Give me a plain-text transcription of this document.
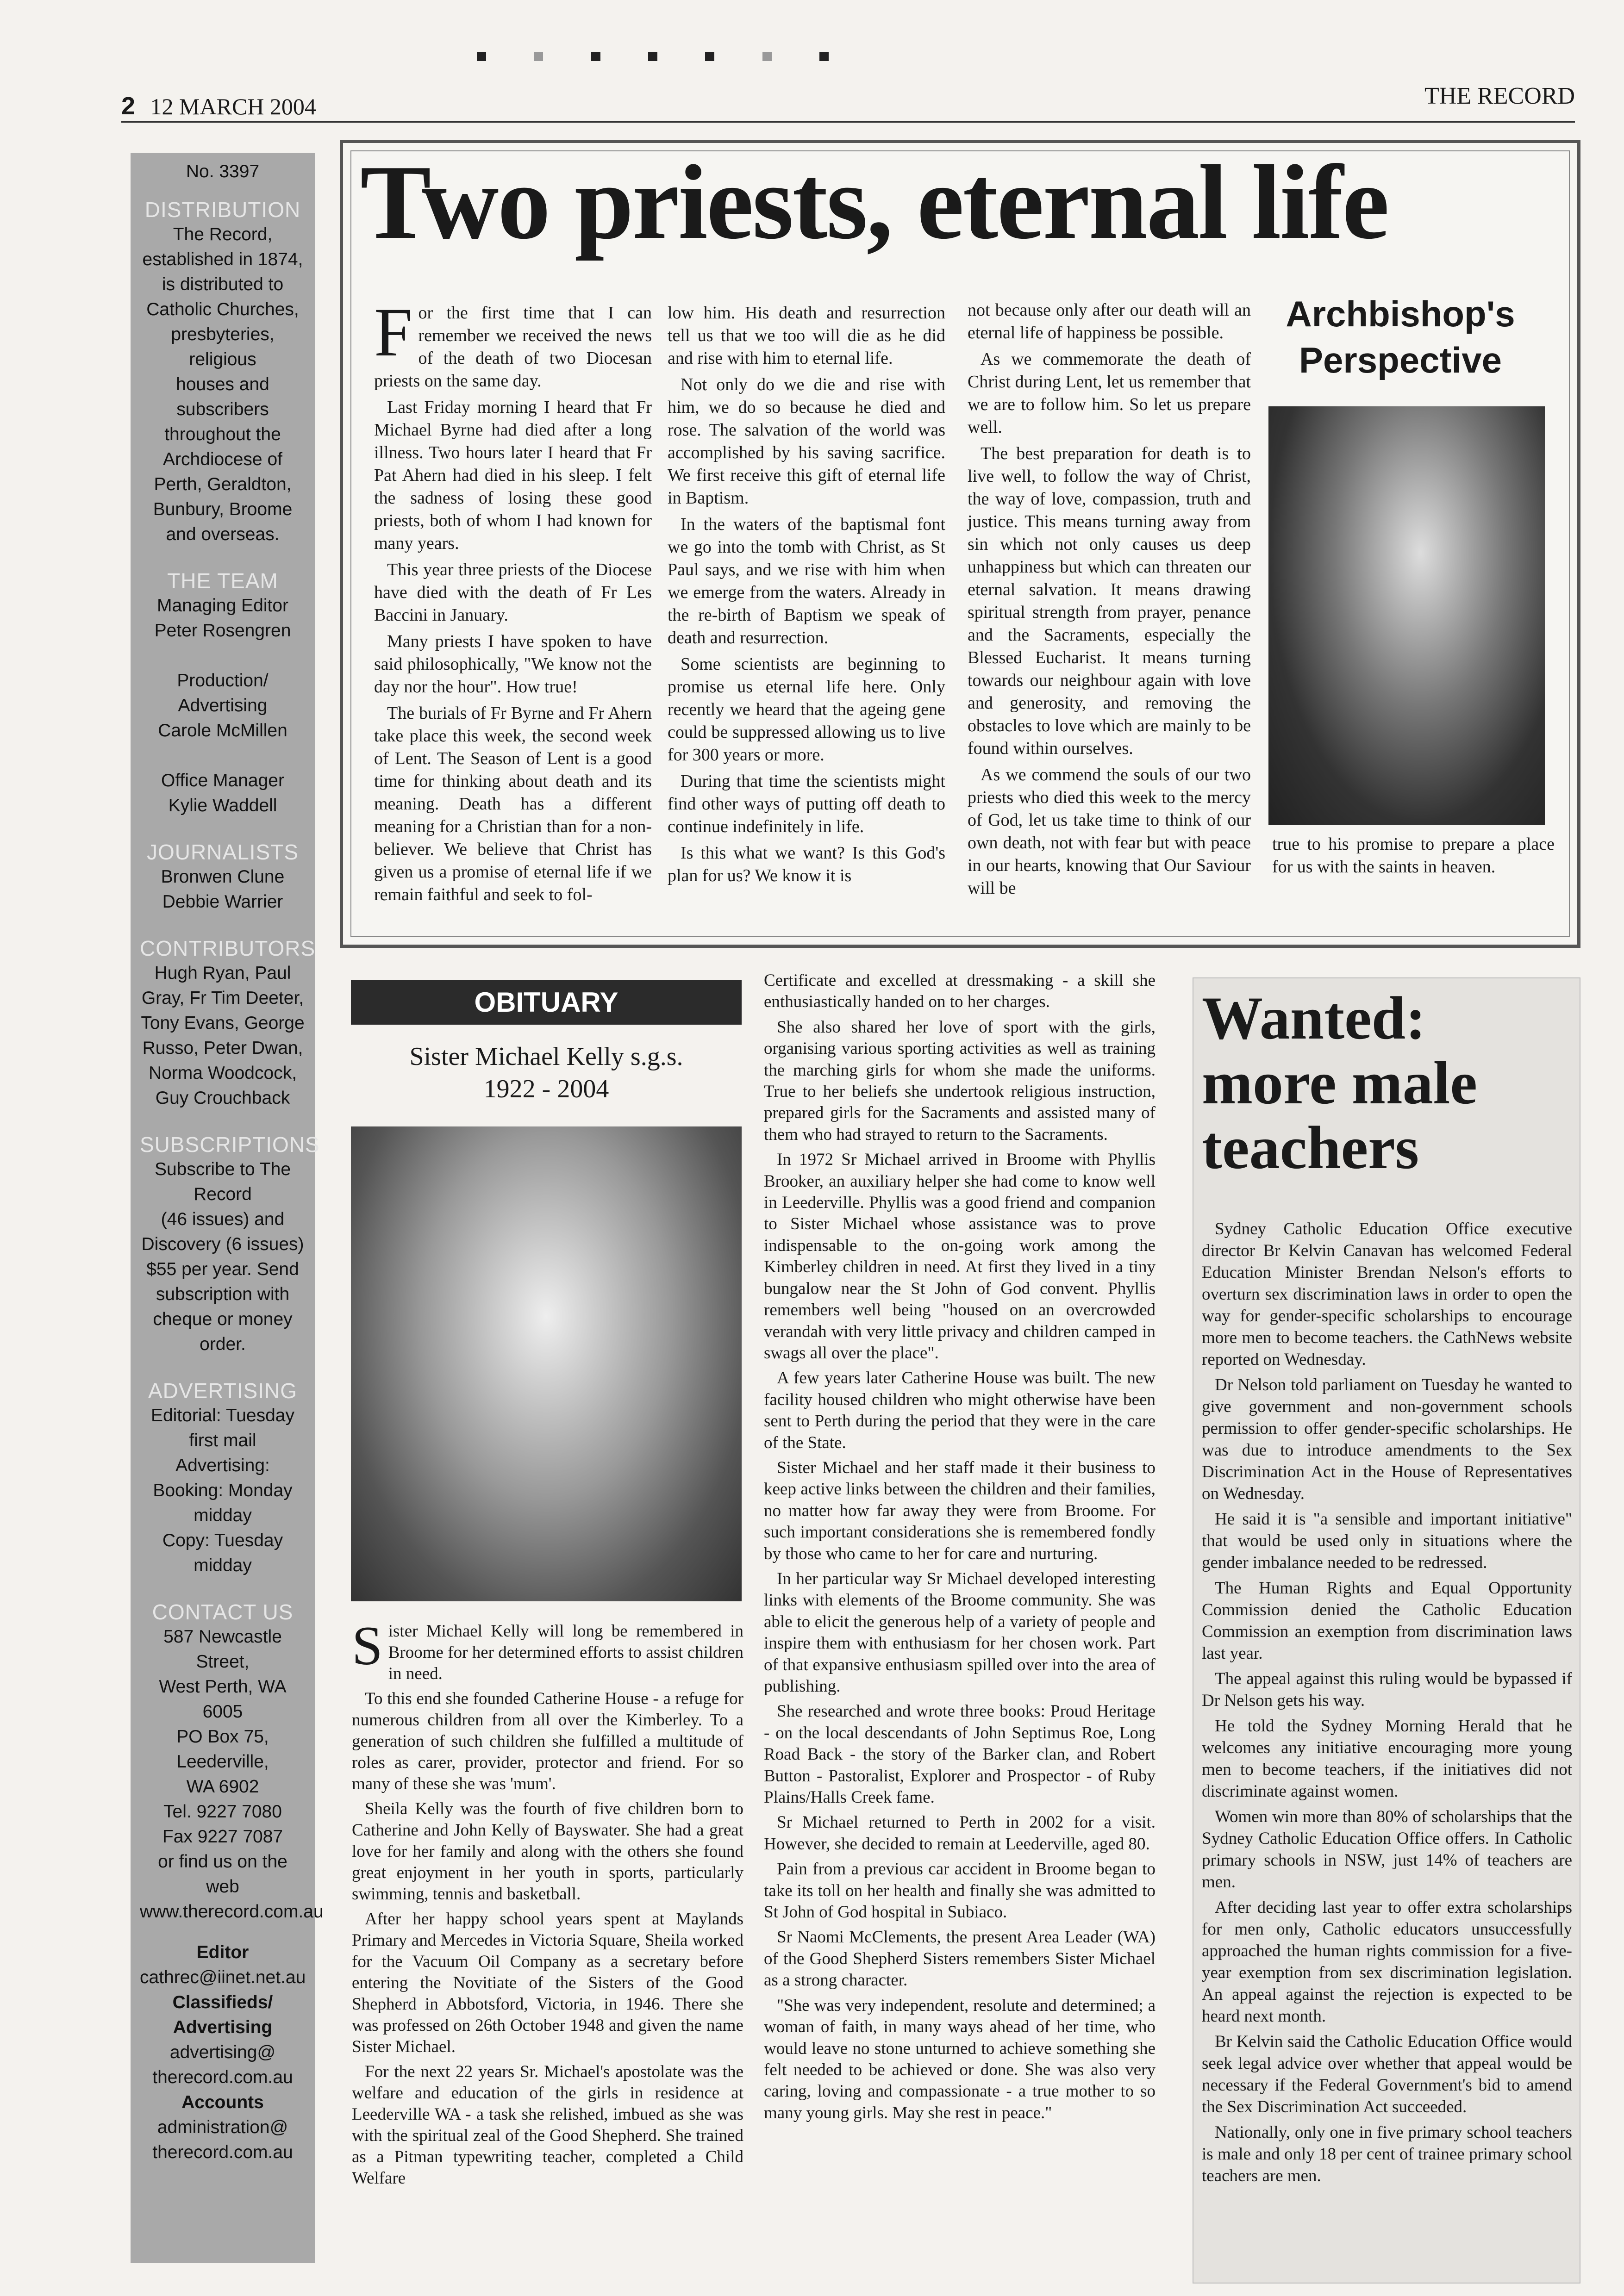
2 12 MARCH 2004	THE RECORD

No. 3397

DISTRIBUTION

The Record,

established in 1874,

is distributed to

Catholic Churches,

presbyteries,

religious

houses and

subscribers

throughout the

Archdiocese of

Perth, Geraldton,

Bunbury, Broome

and overseas.

THE TEAM

Managing Editor

Peter Rosengren

Production/

Advertising

Carole McMillen

Office Manager

Kylie Waddell

JOURNALISTS

Bronwen Clune

Debbie Warrier

CONTRIBUTORS

Hugh Ryan, Paul

Gray, Fr Tim Deeter,

Tony Evans, George

Russo, Peter Dwan,

Norma Woodcock,

Guy Crouchback

SUBSCRIPTIONS

Subscribe to The

Record

(46 issues) and

Discovery (6 issues)

$55 per year. Send

subscription with

cheque or money

order.

ADVERTISING

Editorial: Tuesday

first mail

Advertising:

Booking: Monday

midday

Copy: Tuesday

midday

CONTACT US

587 Newcastle Street,

West Perth, WA 6005

PO Box 75,

Leederville,

WA 6902

Tel. 9227 7080

Fax 9227 7087

or find us on the web

www.therecord.com.au

Editor

cathrec@iinet.net.au

Classifieds/ Advertising

advertising@

therecord.com.au

Accounts

administration@

therecord.com.au

Two priests, eternal life
F or the first time that I can remember we received the news of the death of two Diocesan priests on the same day.

Last Friday morning I heard that Fr Michael Byrne had died after a long illness. Two hours later I heard that Fr Pat Ahern had died in his sleep. I felt the sadness of losing these good priests, both of whom I had known for many years.

This year three priests of the Diocese have died with the death of Fr Les Baccini in January.

Many priests I have spoken to have said philosophically, "We know not the day nor the hour". How true!

The burials of Fr Byrne and Fr Ahern take place this week, the second week of Lent. The Season of Lent is a good time for thinking about death and its meaning. Death has a different meaning for a Christian than for a non-believer. We believe that Christ has given us a promise of eternal life if we remain faithful and seek to fol-

low him. His death and resurrection tell us that we too will die as he did and rise with him to eternal life.

Not only do we die and rise with him, we do so because he died and rose. The salvation of the world was accomplished by his saving sacrifice. We first receive this gift of eternal life in Baptism.

In the waters of the baptismal font we go into the tomb with Christ, as St Paul says, and we rise with him when we emerge from the waters. Already in the re-birth of Baptism we speak of death and resurrection.

Some scientists are beginning to promise us eternal life here. Only recently we heard that the ageing gene could be suppressed allowing us to live for 300 years or more.

During that time the scientists might find other ways of putting off death to continue indefinitely in life.

Is this what we want? Is this God's plan for us? We know it is

not because only after our death will an eternal life of happiness be possible.

As we commemorate the death of Christ during Lent, let us remember that we are to follow him. So let us prepare well.

The best preparation for death is to live well, to follow the way of Christ, the way of love, compassion, truth and justice. This means turning away from sin which not only causes us deep unhappiness but which can threaten our eternal salvation. It means drawing spiritual strength from prayer, penance and the Sacraments, especially the Blessed Eucharist. It means turning towards our neighbour again with love and generosity, and removing the obstacles to love which are mainly to be found within ourselves.

As we commend the souls of our two priests who died this week to the mercy of God, let us take time to think of our own death, not with fear but with peace in our hearts, knowing that Our Saviour will be

Archbishop's Perspective

true to his promise to prepare a place for us with the saints in heaven.

OBITUARY
Sister Michael Kelly s.g.s.
1922 - 2004
S ister Michael Kelly will long be remembered in Broome for her determined efforts to assist children in need.

To this end she founded Catherine House - a refuge for numerous children from all over the Kimberley. To a generation of such children she fulfilled a multitude of roles as carer, provider, protector and friend. For so many of these she was 'mum'.

Sheila Kelly was the fourth of five children born to Catherine and John Kelly of Bayswater. She had a great love for her family and along with the others she found great enjoyment in her youth in sports, particularly swimming, tennis and basketball.

After her happy school years spent at Maylands Primary and Mercedes in Victoria Square, Sheila worked for the Vacuum Oil Company as a secretary before entering the Novitiate of the Sisters of the Good Shepherd in Abbotsford, Victoria, in 1946. There she was professed on 26th October 1948 and given the name Sister Michael.

For the next 22 years Sr. Michael's apostolate was the welfare and education of the girls in residence at Leederville WA - a task she relished, imbued as she was with the spiritual zeal of the Good Shepherd. She trained as a Pitman typewriting teacher, completed a Child Welfare

Certificate and excelled at dressmaking - a skill she enthusiastically handed on to her charges.

She also shared her love of sport with the girls, organising various sporting activities as well as training the marching girls for whom she made the uniforms. True to her beliefs she undertook religious instruction, prepared girls for the Sacraments and assisted many of them who had strayed to return to the Sacraments.

In 1972 Sr Michael arrived in Broome with Phyllis Brooker, an auxiliary helper she had come to know well in Leederville. Phyllis was a good friend and companion to Sister Michael whose assistance was to prove indispensable to the on-going work among the Kimberley children in need. At first they lived in a tiny bungalow near the St John of God convent. Phyllis remembers well being "housed on an overcrowded verandah with very little privacy and children camped in swags all over the place".

A few years later Catherine House was built. The new facility housed children who might otherwise have been sent to Perth during the period that they were in the care of the State.

Sister Michael and her staff made it their business to keep active links between the children and their families, no matter how far away they were from Broome. For such important considerations she is remembered fondly by those who came to her for care and nurturing.

In her particular way Sr Michael developed interesting links with elements of the Broome community. She was able to elicit the generous help of a variety of people and inspire them with enthusiasm for her chosen work. Part of that expansive enthusiasm spilled over into the area of publishing.

She researched and wrote three books: Proud Heritage - on the local descendants of John Septimus Roe, Long Road Back - the story of the Barker clan, and Robert Button - Pastoralist, Explorer and Prospector - of Ruby Plains/Halls Creek fame.

Sr Michael returned to Perth in 2002 for a visit. However, she decided to remain at Leederville, aged 80.

Pain from a previous car accident in Broome began to take its toll on her health and finally she was admitted to St John of God hospital in Subiaco.

Sr Naomi McClements, the present Area Leader (WA) of the Good Shepherd Sisters remembers Sister Michael as a strong character.

"She was very independent, resolute and determined; a woman of faith, in many ways ahead of her time, who would leave no stone unturned to achieve something she felt needed to be achieved or done. She was also very caring, loving and compassionate - a true mother to so many young girls. May she rest in peace."

Wanted: more male teachers

Sydney Catholic Education Office executive director Br Kelvin Canavan has welcomed Federal Education Minister Brendan Nelson's efforts to overturn sex discrimination laws in order to open the way for gender-specific scholarships to encourage more men to become teachers. the CathNews website reported on Wednesday.

Dr Nelson told parliament on Tuesday he wanted to give government and non-government schools permission to offer gender-specific scholarships. He was due to introduce amendments to the Sex Discrimination Act in the House of Representatives on Wednesday.

He said it is "a sensible and important initiative" that would be used only in situations where the gender imbalance needed to be redressed.

The Human Rights and Equal Opportunity Commission denied the Catholic Education Commission an exemption from discrimination laws last year.

The appeal against this ruling would be bypassed if Dr Nelson gets his way.

He told the Sydney Morning Herald that he welcomes any initiative encouraging more young men to become teachers, if the initiatives did not discriminate against women.

Women win more than 80% of scholarships that the Sydney Catholic Education Office offers. In Catholic primary schools in NSW, just 14% of teachers are men.

After deciding last year to offer extra scholarships for men only, Catholic educators unsuccessfully approached the human rights commission for a five-year exemption from sex discrimination legislation. An appeal against the rejection is expected to be heard next month.

Br Kelvin said the Catholic Education Office would seek legal advice over whether that appeal would be necessary if the Federal Government's bid to amend the Sex Discrimination Act succeeded.

Nationally, only one in five primary school teachers is male and only 18 per cent of trainee primary school teachers are men.
